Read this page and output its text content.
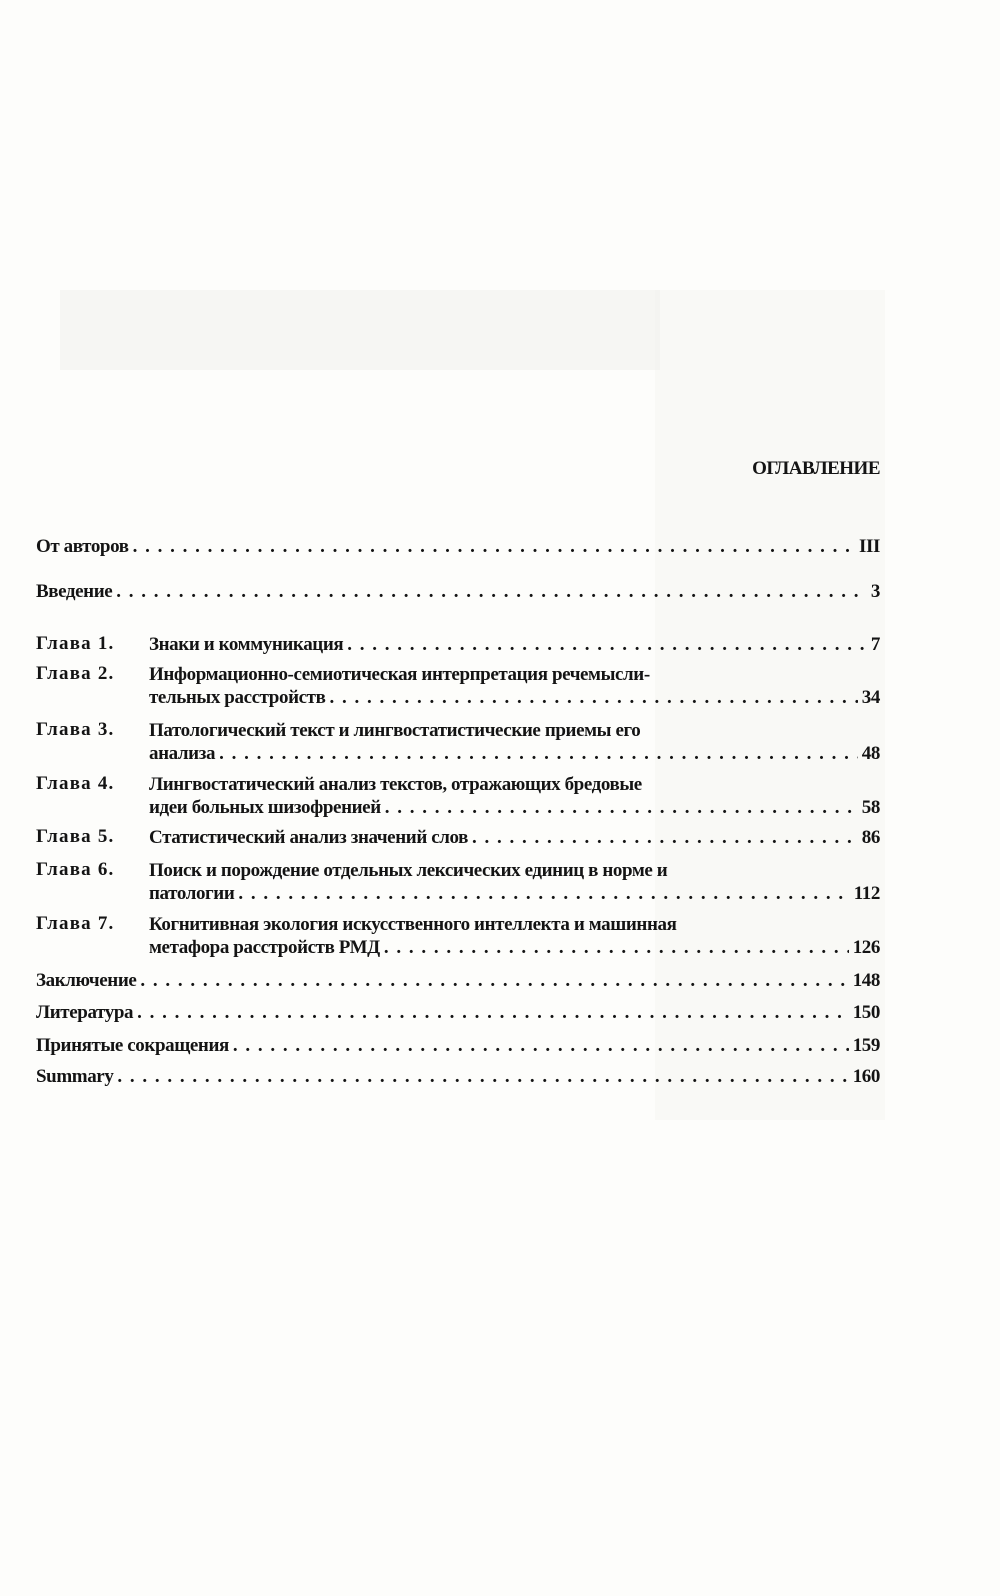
ОГЛАВЛЕНИЕ
От авторов . . .	III
Введение . . .	3
Глава 1. Знаки и коммуникация . . .	7
Глава 2. Информационно-семиотическая интерпретация речемысли-
тельных расстройств . . .	34
Глава 3. Патологический текст и лингвостатистические приемы его
анализа . . .	48
Глава 4. Лингвостатический анализ текстов, отражающих бредовые
идеи больных шизофренией . . .	58
Глава 5. Статистический анализ значений слов . . .	86
Глава 6. Поиск и порождение отдельных лексических единиц в норме и
патологии . . .	112
Глава 7. Когнитивная экология искусственного интеллекта и машинная
метафора расстройств РМД . . .	126
Заключение . . .	148
Литература . . .	150
Принятые сокращения . . .	159
Summary . . .	160
